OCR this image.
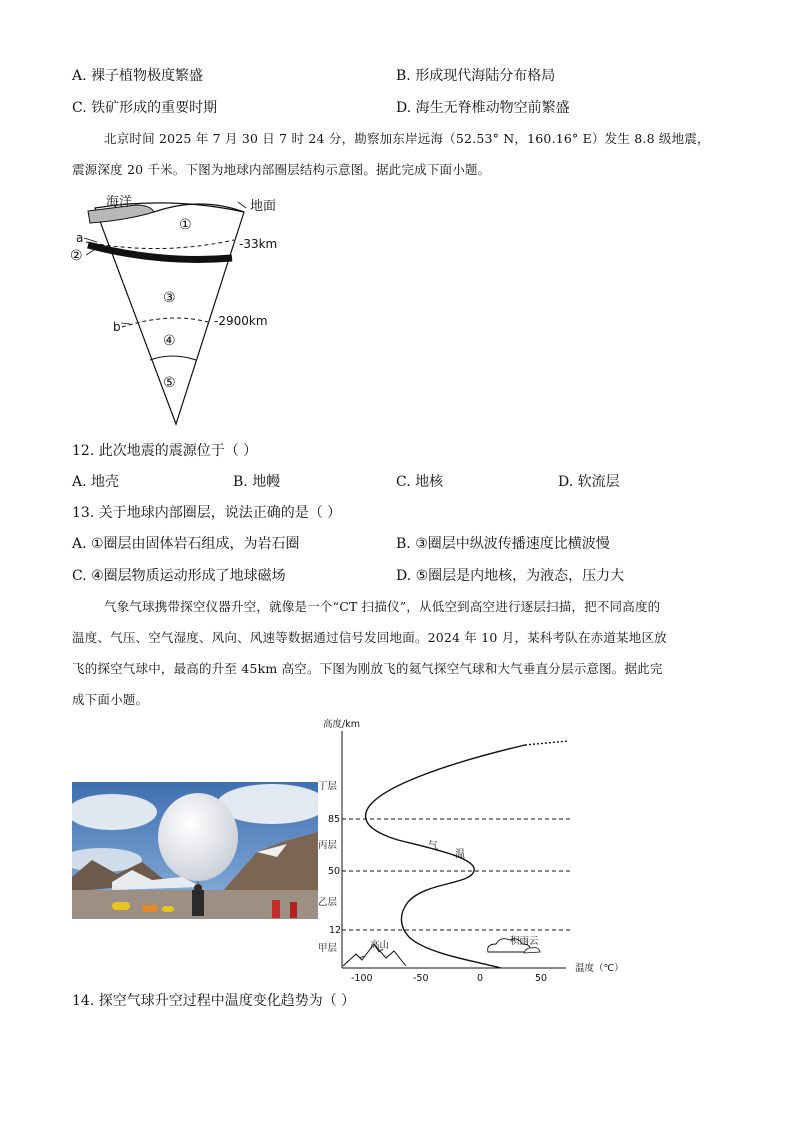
A. 裸子植物极度繁盛	B. 形成现代海陆分布格局
C. 铁矿形成的重要时期	D. 海生无脊椎动物空前繁盛
北京时间 2025 年 7 月 30 日 7 时 24 分，勘察加东岸远海（52.53° N，160.16° E）发生 8.8 级地震，
震源深度 20 千米。下图为地球内部圈层结构示意图。据此完成下面小题。
海洋	地面
-33km
-2900km
a
b
①
②
③
④
⑤
12. 此次地震的震源位于（ ）
A. 地壳	B. 地幔	C. 地核	D. 软流层
13. 关于地球内部圈层，说法正确的是（ ）
A. ①圈层由固体岩石组成，为岩石圈	B. ③圈层中纵波传播速度比横波慢
C. ④圈层物质运动形成了地球磁场	D. ⑤圈层是内地核，为液态，压力大
气象气球携带探空仪器升空，就像是一个“CT 扫描仪”，从低空到高空进行逐层扫描，把不同高度的
温度、气压、空气湿度、风向、风速等数据通过信号发回地面。2024 年 10 月，某科考队在赤道某地区放
飞的探空气球中，最高的升至 45km 高空。下图为刚放飞的氦气探空气球和大气垂直分层示意图。据此完
成下面小题。
高度/km
温度（℃）
丁层
丙层
乙层
甲层
85
50
12
-100	-50	0	50
气
温
高山	积雨云
14. 探空气球升空过程中温度变化趋势为（ ）
